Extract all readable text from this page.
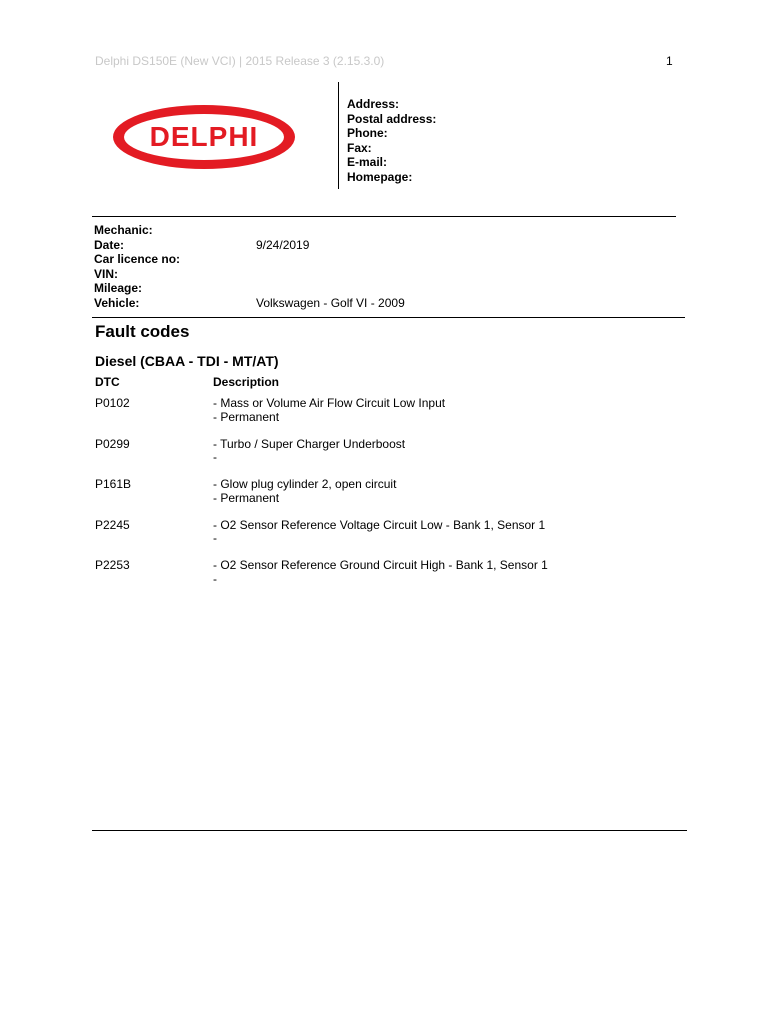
Delphi DS150E (New VCI) | 2015 Release 3 (2.15.3.0)	1
DELPHI
Address:
Postal address:
Phone:
Fax:
E-mail:
Homepage:
Mechanic:
Date:	9/24/2019
Car licence no:
VIN:
Mileage:
Vehicle:	Volkswagen - Golf VI - 2009
Fault codes
Diesel (CBAA - TDI - MT/AT)
DTC	Description
P0102	- Mass or Volume Air Flow Circuit Low Input
- Permanent
P0299	- Turbo / Super Charger Underboost
-
P161B	- Glow plug cylinder 2, open circuit
- Permanent
P2245	- O2 Sensor Reference Voltage Circuit Low - Bank 1, Sensor 1
-
P2253	- O2 Sensor Reference Ground Circuit High - Bank 1, Sensor 1
-
